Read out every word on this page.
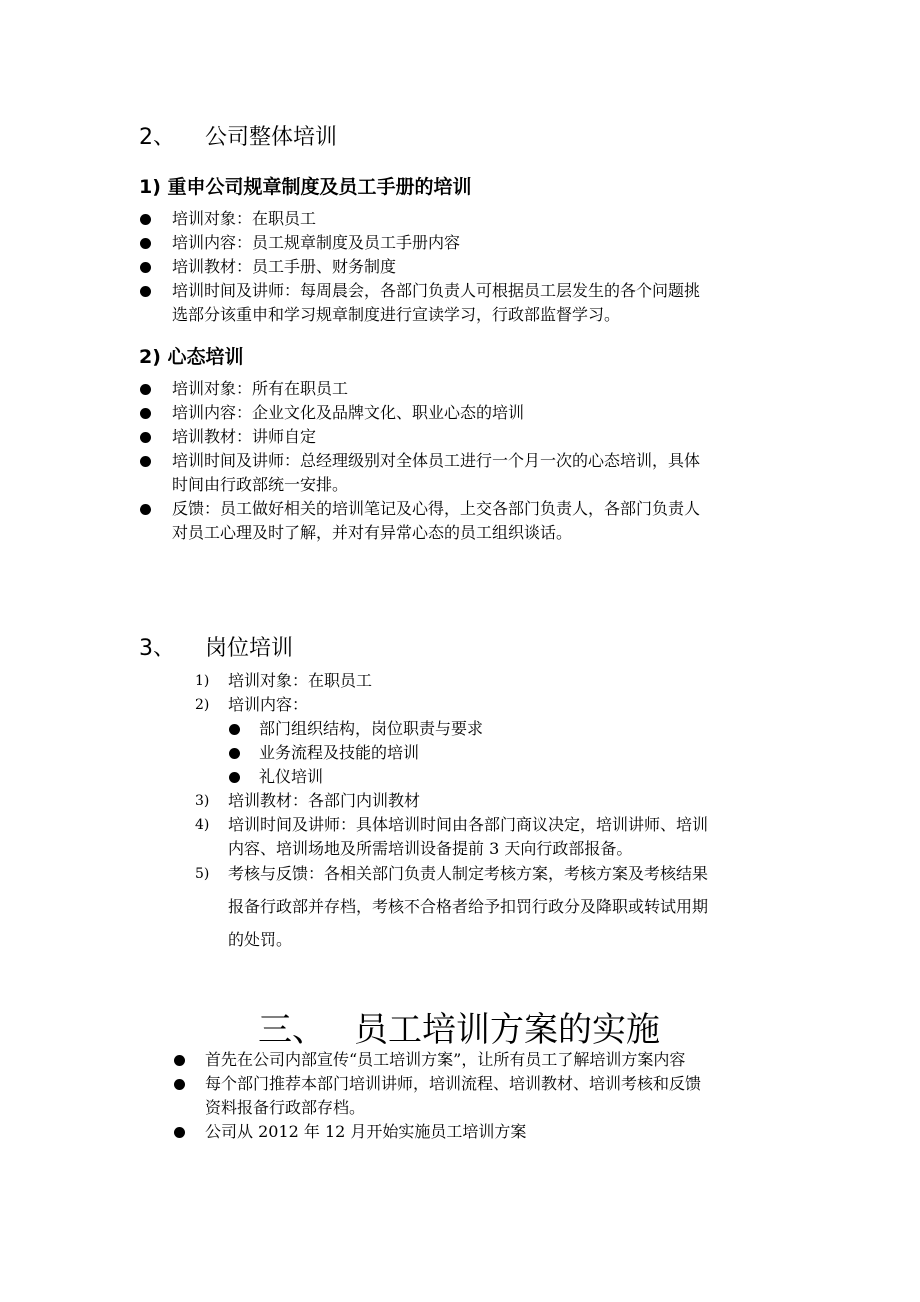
2、 公司整体培训
1) 重申公司规章制度及员工手册的培训
培训对象：在职员工
培训内容：员工规章制度及员工手册内容
培训教材：员工手册、财务制度
培训时间及讲师：每周晨会，各部门负责人可根据员工层发生的各个问题挑
选部分该重申和学习规章制度进行宣读学习，行政部监督学习。
2) 心态培训
培训对象：所有在职员工
培训内容：企业文化及品牌文化、职业心态的培训
培训教材：讲师自定
培训时间及讲师：总经理级别对全体员工进行一个月一次的心态培训，具体
时间由行政部统一安排。
反馈：员工做好相关的培训笔记及心得，上交各部门负责人，各部门负责人
对员工心理及时了解，并对有异常心态的员工组织谈话。
3、 岗位培训
1) 培训对象：在职员工
2) 培训内容：
部门组织结构，岗位职责与要求
业务流程及技能的培训
礼仪培训
3) 培训教材：各部门内训教材
4) 培训时间及讲师：具体培训时间由各部门商议决定，培训讲师、培训
内容、培训场地及所需培训设备提前 3 天向行政部报备。
5) 考核与反馈：各相关部门负责人制定考核方案，考核方案及考核结果
报备行政部并存档，考核不合格者给予扣罚行政分及降职或转试用期
的处罚。
三、 员工培训方案的实施
首先在公司内部宣传“员工培训方案”，让所有员工了解培训方案内容
每个部门推荐本部门培训讲师，培训流程、培训教材、培训考核和反馈
资料报备行政部存档。
公司从 2012 年 12 月开始实施员工培训方案
